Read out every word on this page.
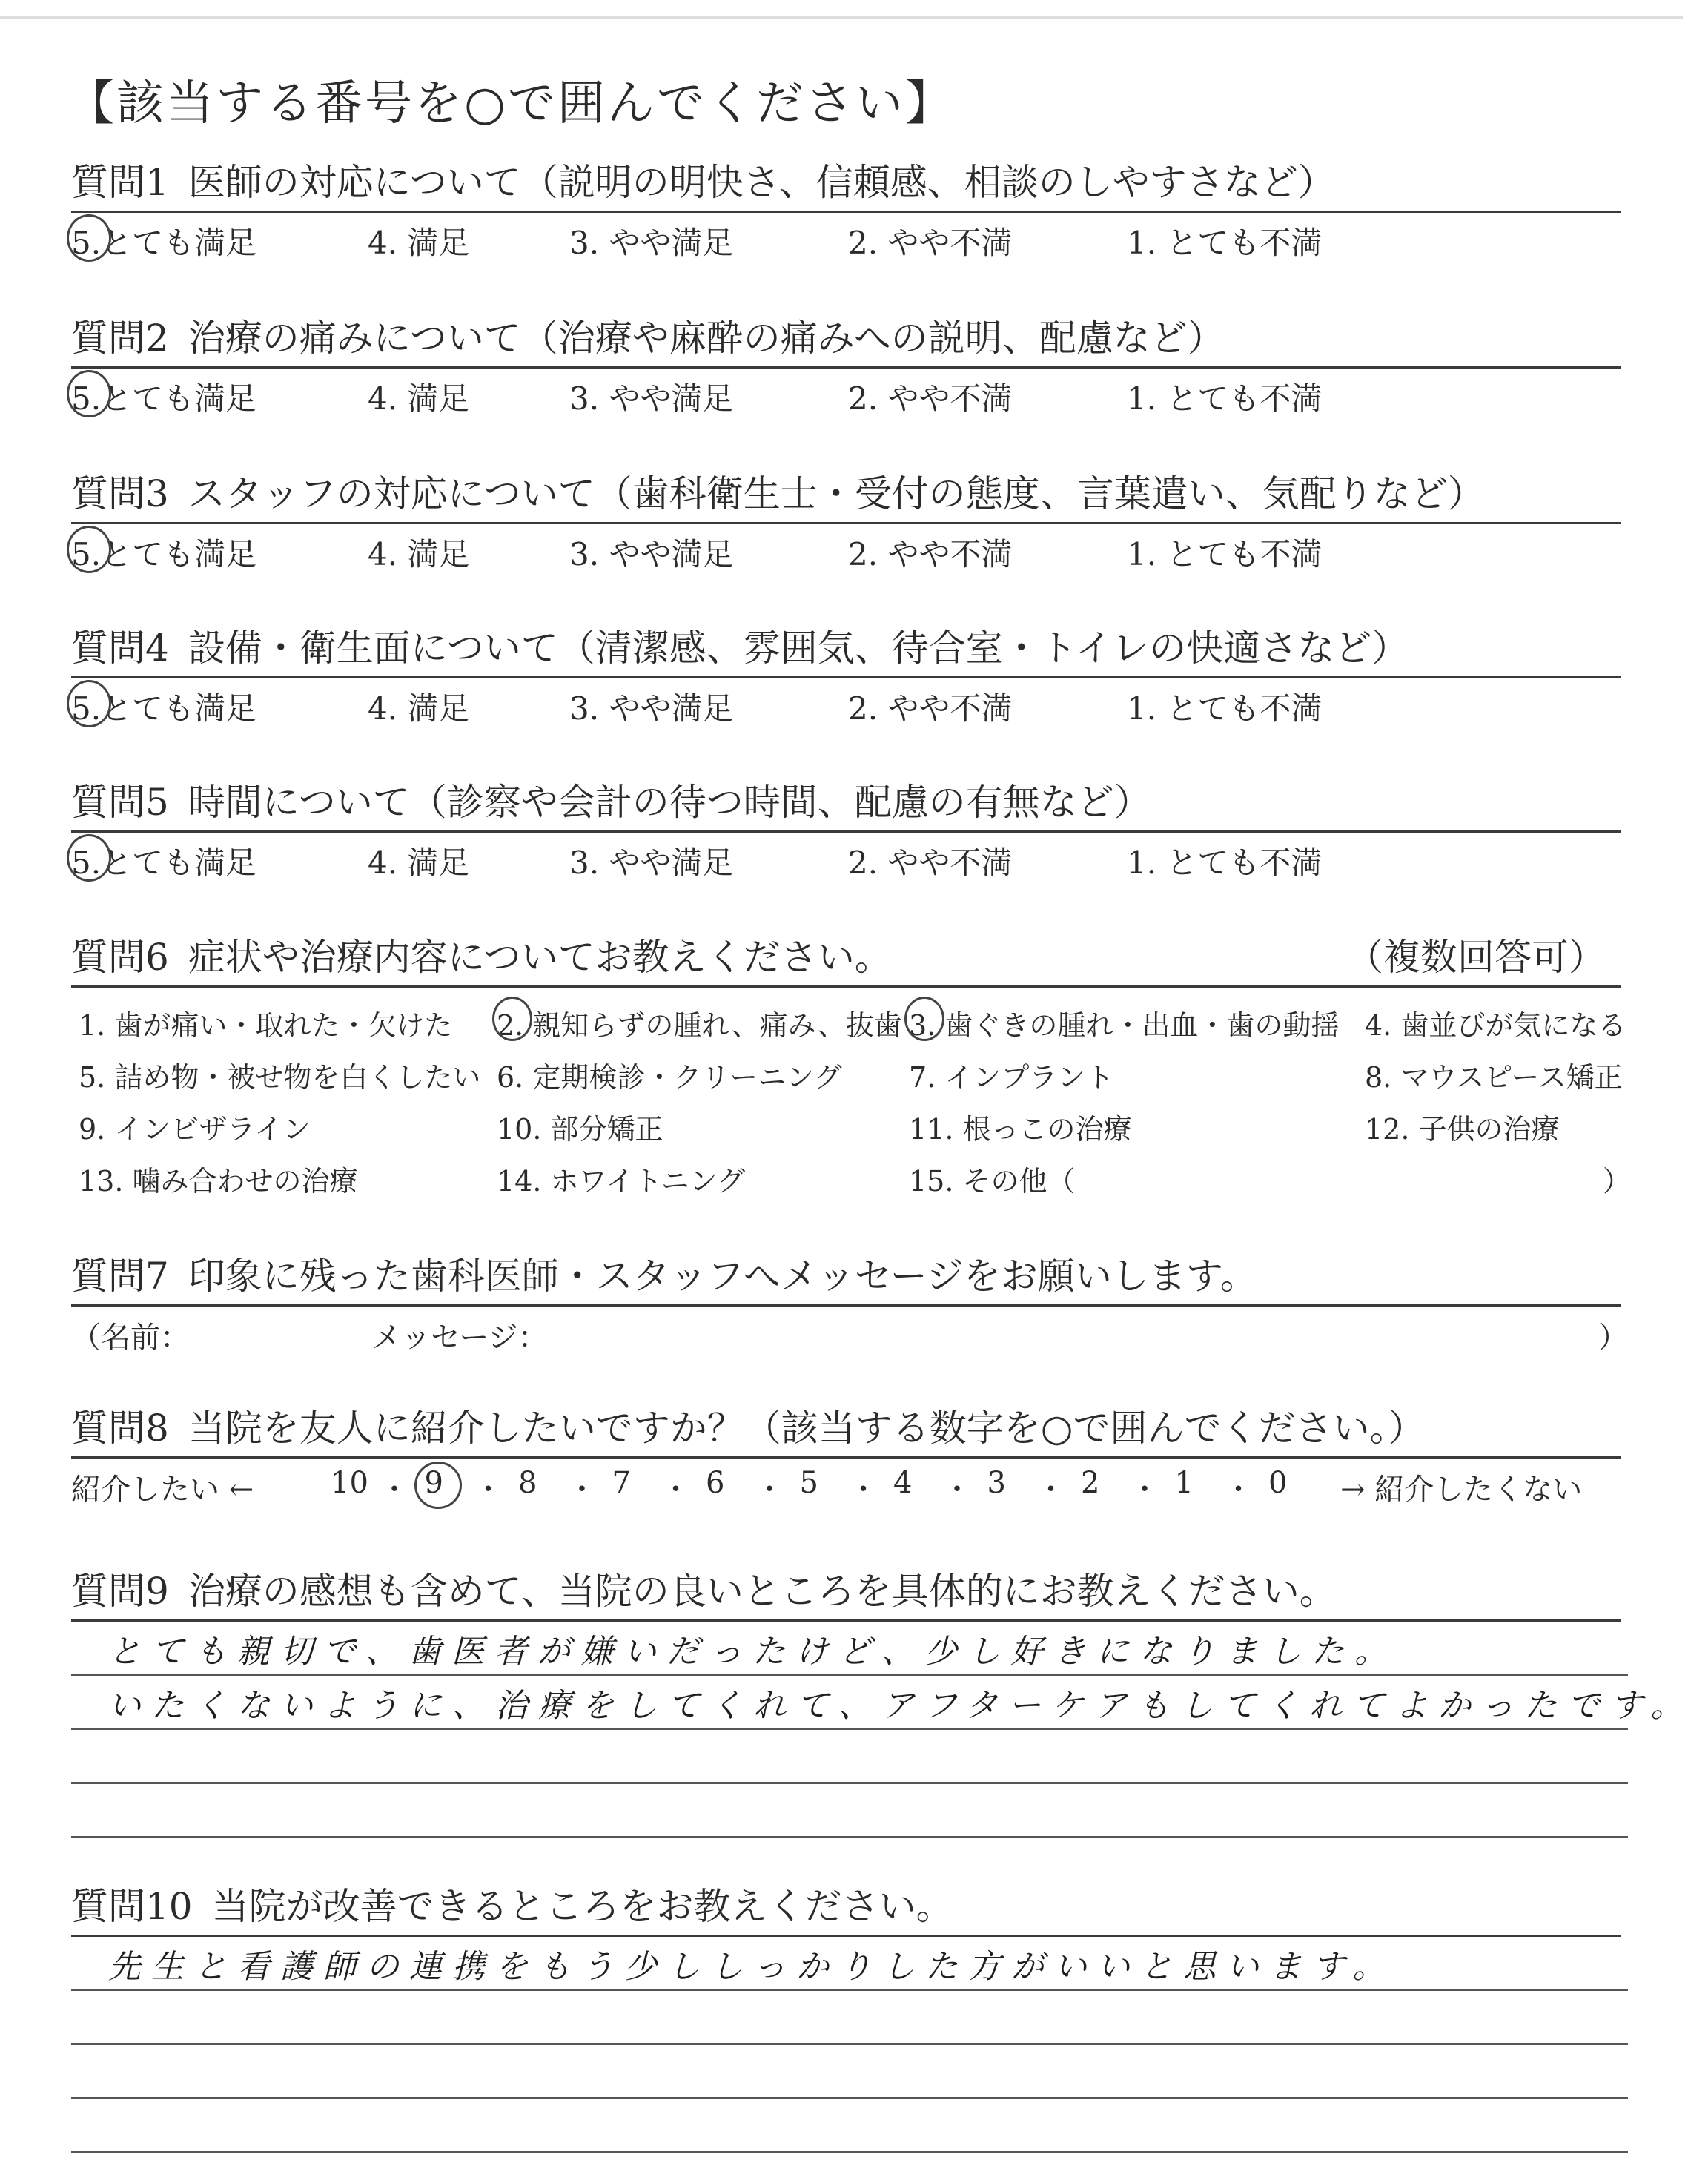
【該当する番号を○で囲んでください】
質問1 医師の対応について（説明の明快さ、信頼感、相談のしやすさなど）
5.とても満足	4. 満足	3. やや満足	2. やや不満	1. とても不満
質問2 治療の痛みについて（治療や麻酔の痛みへの説明、配慮など）
5.とても満足	4. 満足	3. やや満足	2. やや不満	1. とても不満
質問3 スタッフの対応について（歯科衛生士・受付の態度、言葉遣い、気配りなど）
5.とても満足	4. 満足	3. やや満足	2. やや不満	1. とても不満
質問4 設備・衛生面について（清潔感、雰囲気、待合室・トイレの快適さなど）
5.とても満足	4. 満足	3. やや満足	2. やや不満	1. とても不満
質問5 時間について（診察や会計の待つ時間、配慮の有無など）
5.とても満足	4. 満足	3. やや満足	2. やや不満	1. とても不満
質問6 症状や治療内容についてお教えください。	（複数回答可）
1. 歯が痛い・取れた・欠けた 2. 親知らずの腫れ、痛み、抜歯 3. 歯ぐきの腫れ・出血・歯の動揺 4. 歯並びが気になる
5. 詰め物・被せ物を白くしたい 6. 定期検診・クリーニング 7. インプラント	8. マウスピース矯正
9. インビザライン	10. 部分矯正	11. 根っこの治療	12. 子供の治療
13. 噛み合わせの治療	14. ホワイトニング	15. その他（	）
質問7 印象に残った歯科医師・スタッフへメッセージをお願いします。
（名前：	メッセージ：	）
質問8 当院を友人に紹介したいですか？（該当する数字を○で囲んでください。）
紹介したい ←	→ 紹介したくない
10 ・ 9 ・ 8 ・ 7 ・ 6 ・ 5 ・ 4 ・ 3 ・ 2 ・ 1 ・ 0
質問9 治療の感想も含めて、当院の良いところを具体的にお教えください。
とても親切で、歯医者が嫌いだったけど、少し好きになりました。
いたくないように、治療をしてくれて、アフターケアもしてくれてよかったです。
質問10 当院が改善できるところをお教えください。
先生と看護師の連携をもう少ししっかりした方がいいと思います。
